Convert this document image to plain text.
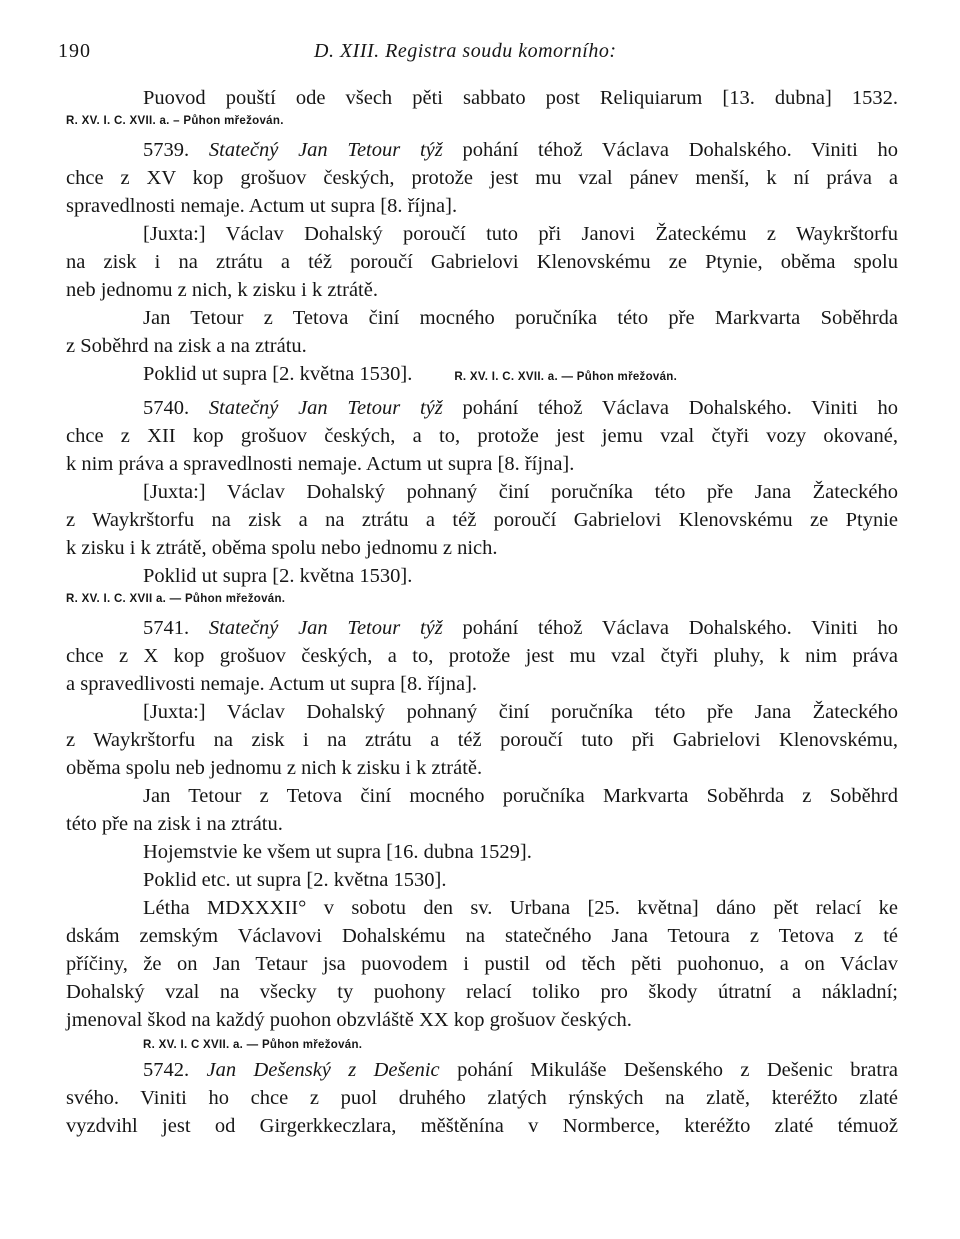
190	D. XIII. Registra soudu komorního:
Puovod pouští ode všech pěti sabbato post Reliquiarum [13. dubna] 1532.
R. XV. I. C. XVII. a. – Půhon mřežován.
5739. Statečný Jan Tetour týž pohání téhož Václava Dohalského. Viniti ho
chce z XV kop grošuov českých, protože jest mu vzal pánev menší, k ní práva a
spravedlnosti nemaje. Actum ut supra [8. října].
[Juxta:] Václav Dohalský poroučí tuto při Janovi Žateckému z Waykrštorfu
na zisk i na ztrátu a též poroučí Gabrielovi Klenovskému ze Ptynie, oběma spolu
neb jednomu z nich, k zisku i k ztrátě.
Jan Tetour z Tetova činí mocného poručníka této pře Markvarta Soběhrda
z Soběhrd na zisk a na ztrátu.
Poklid ut supra [2. května 1530].	R. XV. I. C. XVII. a. — Půhon mřežován.
5740. Statečný Jan Tetour týž pohání téhož Václava Dohalského. Viniti ho
chce z XII kop grošuov českých, a to, protože jest jemu vzal čtyři vozy okované,
k nim práva a spravedlnosti nemaje. Actum ut supra [8. října].
[Juxta:] Václav Dohalský pohnaný činí poručníka této pře Jana Žateckého
z Waykrštorfu na zisk a na ztrátu a též poroučí Gabrielovi Klenovskému ze Ptynie
k zisku i k ztrátě, oběma spolu nebo jednomu z nich.
Poklid ut supra [2. května 1530].
R. XV. I. C. XVII a. — Půhon mřežován.
5741. Statečný Jan Tetour týž pohání téhož Václava Dohalského. Viniti ho
chce z X kop grošuov českých, a to, protože jest mu vzal čtyři pluhy, k nim práva
a spravedlivosti nemaje. Actum ut supra [8. října].
[Juxta:] Václav Dohalský pohnaný činí poručníka této pře Jana Žateckého
z Waykrštorfu na zisk i na ztrátu a též poroučí tuto při Gabrielovi Klenovskému,
oběma spolu neb jednomu z nich k zisku i k ztrátě.
Jan Tetour z Tetova činí mocného poručníka Markvarta Soběhrda z Soběhrd
této pře na zisk i na ztrátu.
Hojemstvie ke všem ut supra [16. dubna 1529].
Poklid etc. ut supra [2. května 1530].
Létha MDXXXII° v sobotu den sv. Urbana [25. května] dáno pět relací ke
dskám zemským Václavovi Dohalskému na statečného Jana Tetoura z Tetova z té
příčiny, že on Jan Tetaur jsa puovodem i pustil od těch pěti puohonuo, a on Václav
Dohalský vzal na všecky ty puohony relací toliko pro škody útratní a nákladní;
jmenoval škod na každý puohon obzvláště XX kop grošuov českých.
R. XV. I. C XVII. a. — Půhon mřežován.
5742. Jan Dešenský z Dešenic pohání Mikuláše Dešenského z Dešenic bratra
svého. Viniti ho chce z puol druhého zlatých rýnských na zlatě, kteréžto zlaté
vyzdvihl jest od Girgerkkeczlara, měštěnína v Normberce, kteréžto zlaté témuož
